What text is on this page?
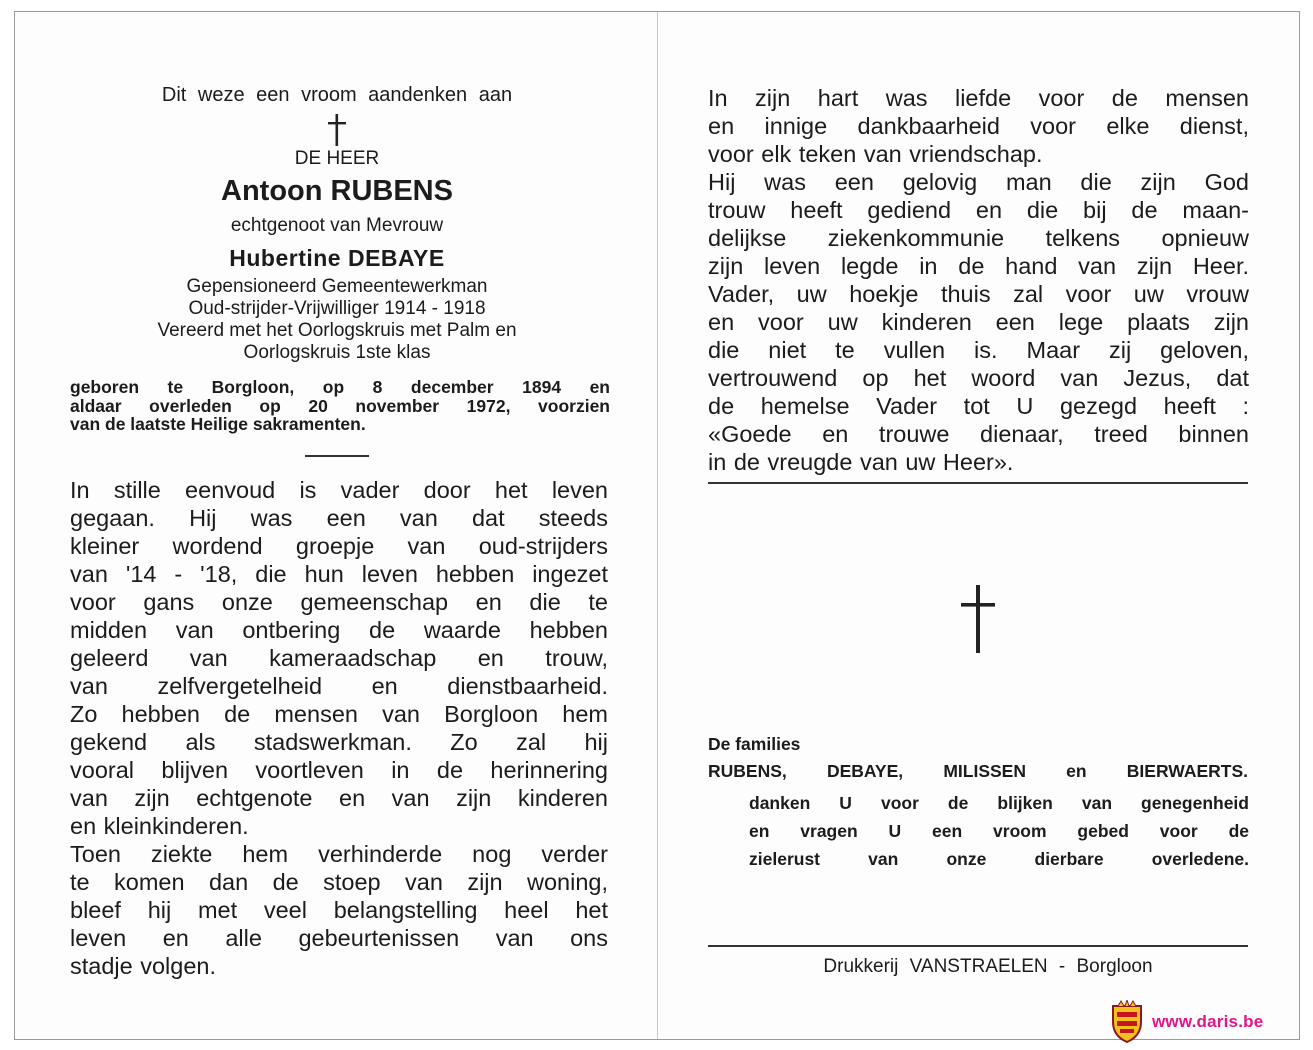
Dit weze een vroom aandenken aan
DE HEER
Antoon RUBENS
echtgenoot van Mevrouw
Hubertine DEBAYE
Gepensioneerd Gemeentewerkman
Oud-strijder-Vrijwilliger 1914 - 1918
Vereerd met het Oorlogskruis met Palm en
Oorlogskruis 1ste klas
geboren te Borgloon, op 8 december 1894 en
aldaar overleden op 20 november 1972, voorzien
van de laatste Heilige sakramenten.
In stille eenvoud is vader door het leven
gegaan. Hij was een van dat steeds
kleiner wordend groepje van oud-strijders
van '14 - '18, die hun leven hebben ingezet
voor gans onze gemeenschap en die te
midden van ontbering de waarde hebben
geleerd van kameraadschap en trouw,
van zelfvergetelheid en dienstbaarheid.
Zo hebben de mensen van Borgloon hem
gekend als stadswerkman. Zo zal hij
vooral blijven voortleven in de herinnering
van zijn echtgenote en van zijn kinderen
en kleinkinderen.
Toen ziekte hem verhinderde nog verder
te komen dan de stoep van zijn woning,
bleef hij met veel belangstelling heel het
leven en alle gebeurtenissen van ons
stadje volgen.
In zijn hart was liefde voor de mensen
en innige dankbaarheid voor elke dienst,
voor elk teken van vriendschap.
Hij was een gelovig man die zijn God
trouw heeft gediend en die bij de maan-
delijkse ziekenkommunie telkens opnieuw
zijn leven legde in de hand van zijn Heer.
Vader, uw hoekje thuis zal voor uw vrouw
en voor uw kinderen een lege plaats zijn
die niet te vullen is. Maar zij geloven,
vertrouwend op het woord van Jezus, dat
de hemelse Vader tot U gezegd heeft :
«Goede en trouwe dienaar, treed binnen
in de vreugde van uw Heer».
De families
RUBENS, DEBAYE, MILISSEN en BIERWAERTS.
danken U voor de blijken van genegenheid
en vragen U een vroom gebed voor de
zielerust van onze dierbare overledene.
Drukkerij VANSTRAELEN - Borgloon
www.daris.be
